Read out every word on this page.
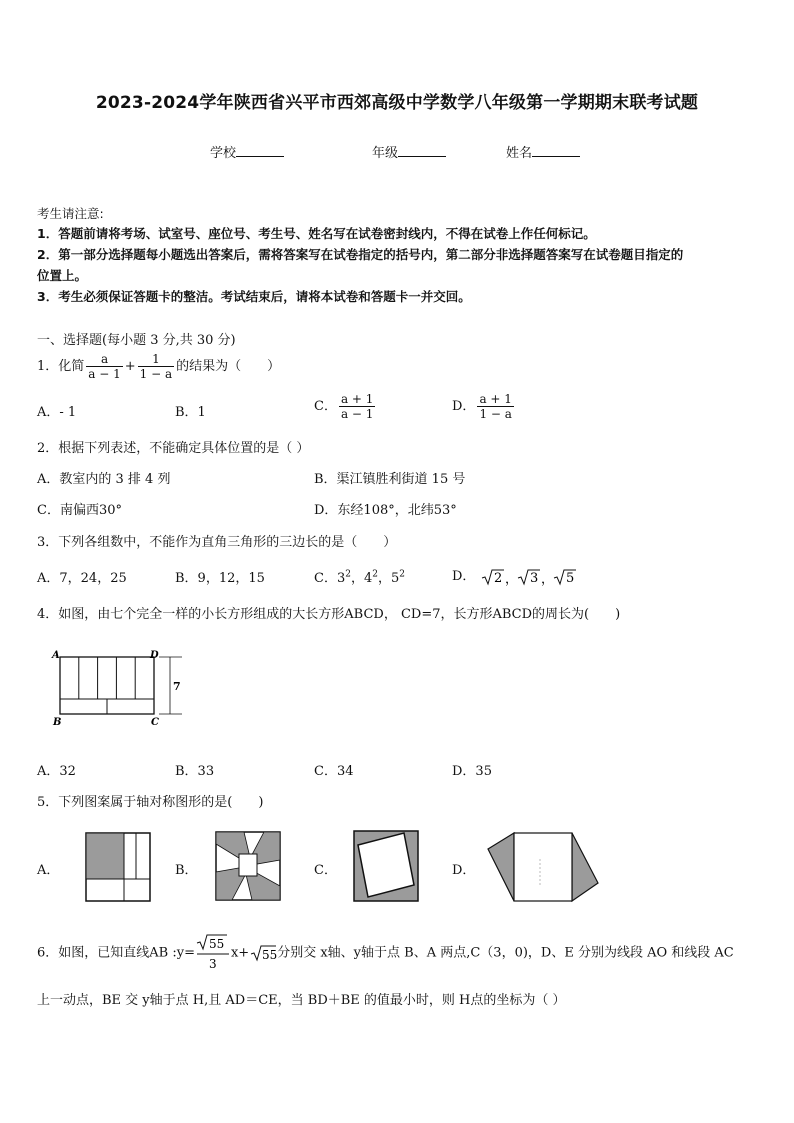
2023-2024学年陕西省兴平市西郊高级中学数学八年级第一学期期末联考试题
学校	年级	姓名
考生请注意:
1．答题前请将考场、试室号、座位号、考生号、姓名写在试卷密封线内，不得在试卷上作任何标记。
2．第一部分选择题每小题选出答案后，需将答案写在试卷指定的括号内，第二部分非选择题答案写在试卷题目指定的
位置上。
3．考生必须保证答题卡的整洁。考试结束后，请将本试卷和答题卡一并交回。
一、选择题(每小题 3 分,共 30 分)
1．化简 $\frac{a}{a - 1} + \frac{1}{1 - a}$ 的结果为（　　）
A．- 1	B．1	C． $\frac{a + 1}{a - 1}$	D． $\frac{a + 1}{1 - a}$
2．根据下列表述，不能确定具体位置的是（ ）
A．教室内的 3 排 4 列	B．渠江镇胜利街道 15 号
C．南偏西30°	D．东经108°，北纬53°
3．下列各组数中，不能作为直角三角形的三边长的是（　　）
A．7，24，25	B．9，12，15	C．$3^2$，$4^2$，$5^2$	D． 2 ， 3 ， 5
4．如图，由七个完全一样的小长方形组成的大长方形ABCD， CD=7，长方形ABCD的周长为(　　)
A	D
B	C
7
A．32	B．33	C．34	D．35
5．下列图案属于轴对称图形的是(　　)
A．	B．	C．	D．
6．如图，已知直线AB :y=
55
3
x+ 55 分别交 x轴、y轴于点 B、A 两点,C（3，0)，D、E 分别为线段 AO 和线段 AC
上一动点，BE 交 y轴于点 H,且 AD＝CE，当 BD＋BE 的值最小时，则 H点的坐标为（ ）
